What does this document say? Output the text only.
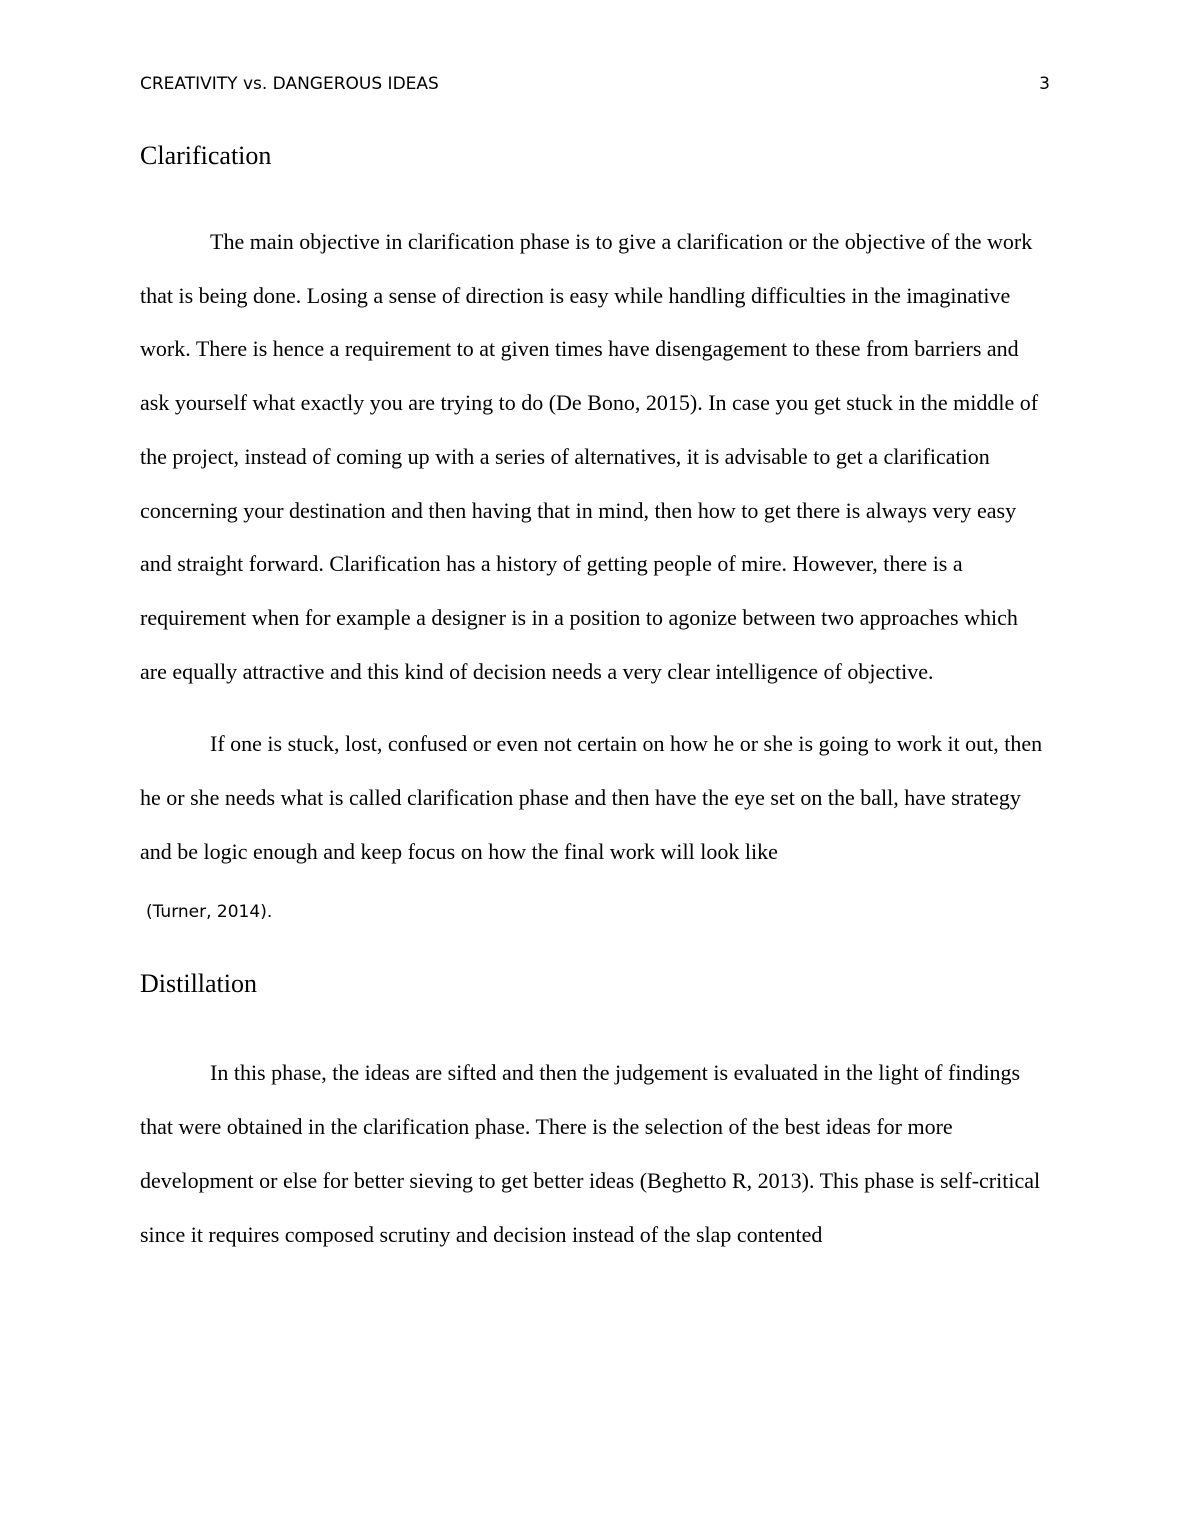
CREATIVITY vs. DANGEROUS IDEAS	3
Clarification

The main objective in clarification phase is to give a clarification or the objective of the work that is being done. Losing a sense of direction is easy while handling difficulties in the imaginative work. There is hence a requirement to at given times have disengagement to these from barriers and ask yourself what exactly you are trying to do (De Bono, 2015). In case you get stuck in the middle of the project, instead of coming up with a series of alternatives, it is advisable to get a clarification concerning your destination and then having that in mind, then how to get there is always very easy and straight forward. Clarification has a history of getting people of mire. However, there is a requirement when for example a designer is in a position to agonize between two approaches which are equally attractive and this kind of decision needs a very clear intelligence of objective.

If one is stuck, lost, confused or even not certain on how he or she is going to work it out, then he or she needs what is called clarification phase and then have the eye set on the ball, have strategy and be logic enough and keep focus on how the final work will look like

(Turner, 2014).

Distillation

In this phase, the ideas are sifted and then the judgement is evaluated in the light of findings that were obtained in the clarification phase. There is the selection of the best ideas for more development or else for better sieving to get better ideas (Beghetto R, 2013). This phase is self-critical since it requires composed scrutiny and decision instead of the slap contented
